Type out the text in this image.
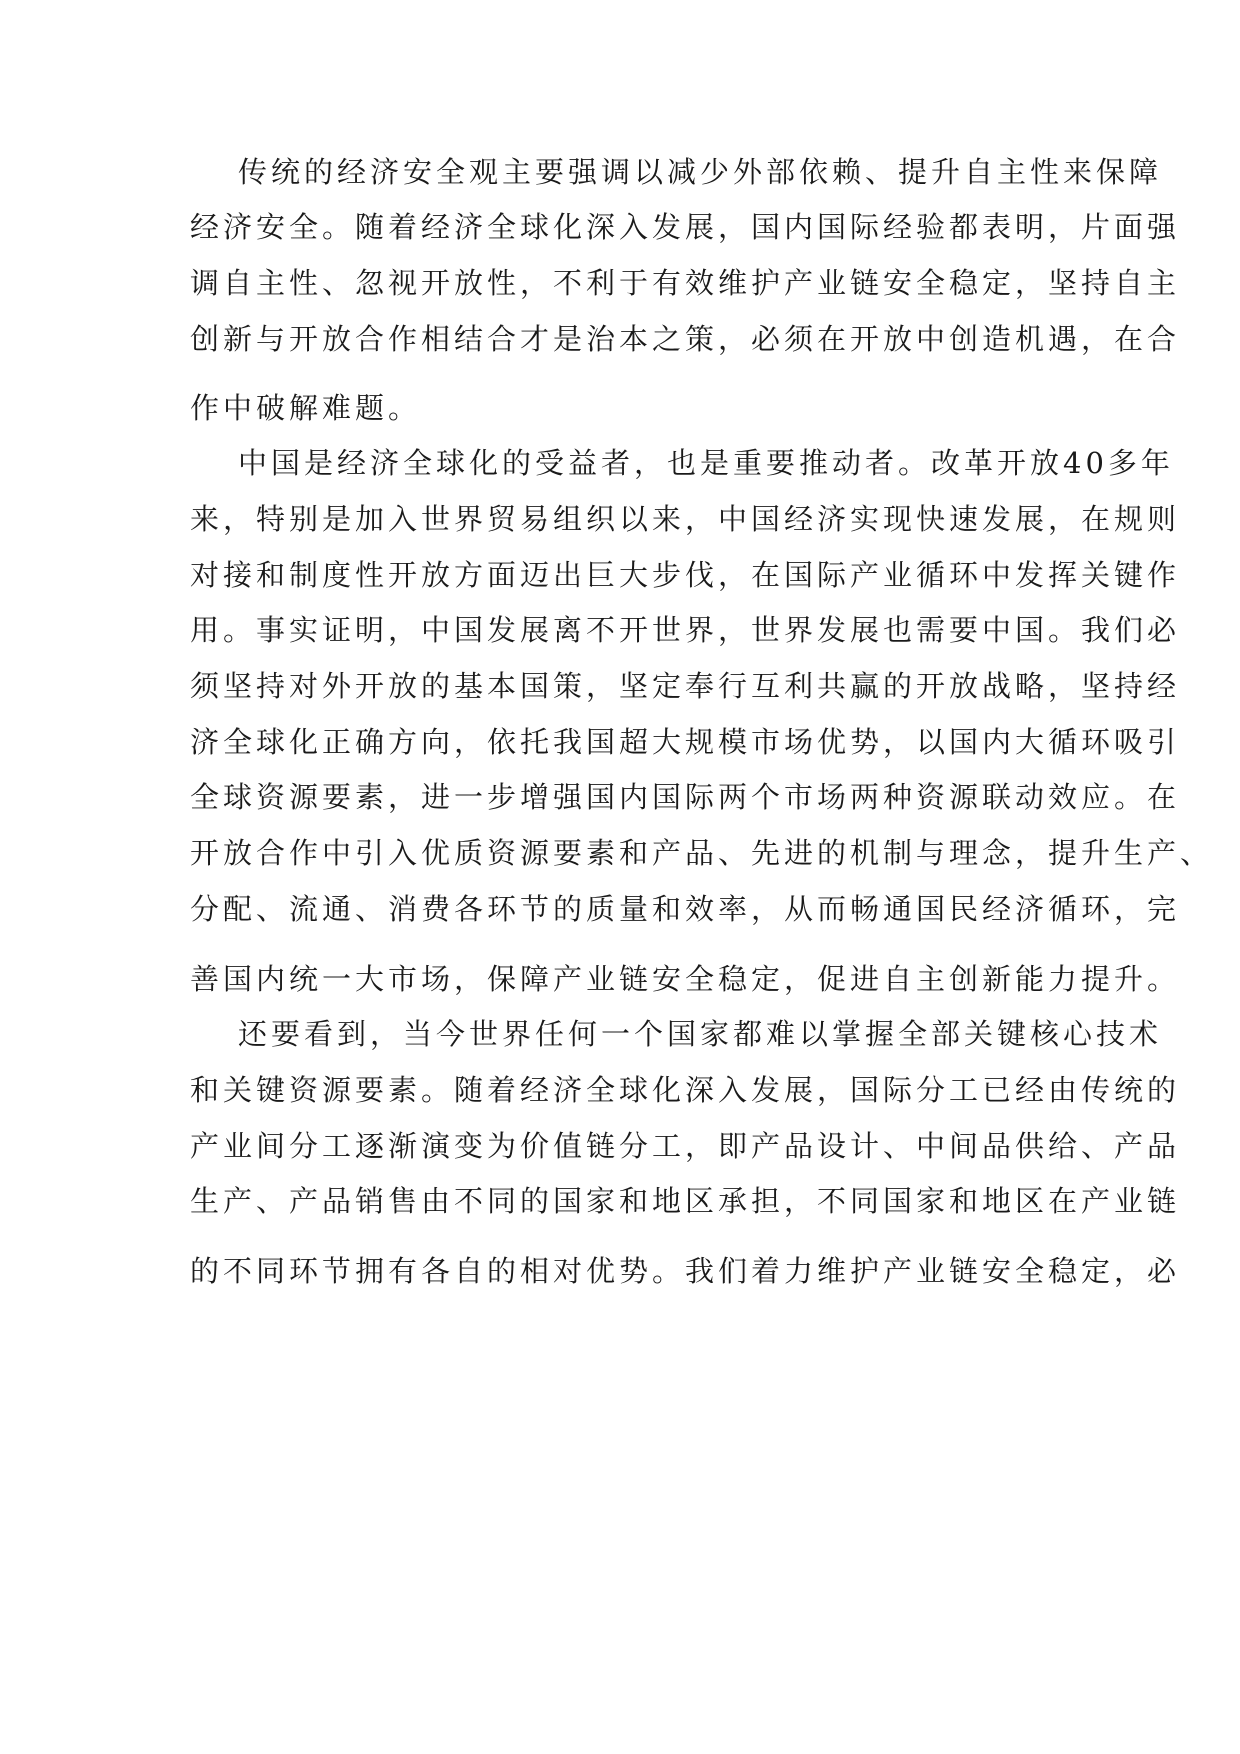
传统的经济安全观主要强调以减少外部依赖、提升自主性来保障
经济安全。随着经济全球化深入发展，国内国际经验都表明，片面强
调自主性、忽视开放性，不利于有效维护产业链安全稳定，坚持自主
创新与开放合作相结合才是治本之策，必须在开放中创造机遇，在合
作中破解难题。
中国是经济全球化的受益者，也是重要推动者。改革开放40多年
来，特别是加入世界贸易组织以来，中国经济实现快速发展，在规则
对接和制度性开放方面迈出巨大步伐，在国际产业循环中发挥关键作
用。事实证明，中国发展离不开世界，世界发展也需要中国。我们必
须坚持对外开放的基本国策，坚定奉行互利共赢的开放战略，坚持经
济全球化正确方向，依托我国超大规模市场优势，以国内大循环吸引
全球资源要素，进一步增强国内国际两个市场两种资源联动效应。在
开放合作中引入优质资源要素和产品、先进的机制与理念，提升生产、
分配、流通、消费各环节的质量和效率，从而畅通国民经济循环，完
善国内统一大市场，保障产业链安全稳定，促进自主创新能力提升。
还要看到，当今世界任何一个国家都难以掌握全部关键核心技术
和关键资源要素。随着经济全球化深入发展，国际分工已经由传统的
产业间分工逐渐演变为价值链分工，即产品设计、中间品供给、产品
生产、产品销售由不同的国家和地区承担，不同国家和地区在产业链
的不同环节拥有各自的相对优势。我们着力维护产业链安全稳定，必
